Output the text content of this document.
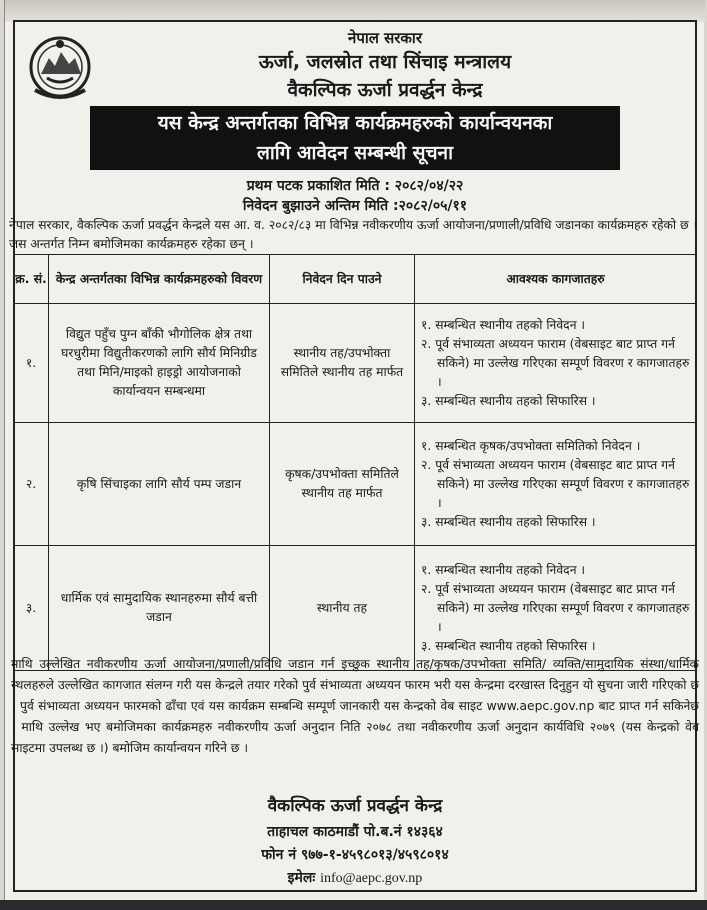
नेपाल सरकार
ऊर्जा, जलस्रोत तथा सिंचाइ मन्त्रालय
वैकल्पिक ऊर्जा प्रवर्द्धन केन्द्र
यस केन्द्र अन्तर्गतका विभिन्न कार्यक्रमहरुको कार्यान्वयनका
लागि आवेदन सम्बन्धी सूचना
प्रथम पटक प्रकाशित मिति : २०८२/०४/२२
निवेदन बुझाउने अन्तिम मिति :२०८२/०५/११
नेपाल सरकार, वैकल्पिक ऊर्जा प्रवर्द्धन केन्द्रले यस आ. व. २०८२/८३ मा विभिन्न नवीकरणीय ऊर्जा आयोजना/प्रणाली/प्रविधि जडानका कार्यक्रमहरु रहेको छ । जस अन्तर्गत निम्न बमोजिमका कार्यक्रमहरु रहेका छन् ।
क्र. सं.	केन्द्र अन्तर्गतका विभिन्न कार्यक्रमहरुको विवरण	निवेदन दिन पाउने	आवश्यक कागजातहरु
१.	विद्युत पहुँच पुग्न बाँकी भौगोलिक क्षेत्र तथा घरधुरीमा विद्युतीकरणको लागि सौर्य मिनिग्रीड तथा मिनि/माइको हाइड्रो आयोजनाको कार्यान्वयन सम्बन्धमा	स्थानीय तह/उपभोक्ता समितिले स्थानीय तह मार्फत	१. सम्बन्धित स्थानीय तहको निवेदन ।
२. पूर्व संभाव्यता अध्ययन फाराम (वेबसाइट बाट प्राप्त गर्न सकिने) मा उल्लेख गरिएका सम्पूर्ण विवरण र कागजातहरु ।
३. सम्बन्धित स्थानीय तहको सिफारिस ।

२.	कृषि सिंचाइका लागि सौर्य पम्प जडान	कृषक/उपभोक्ता समितिले स्थानीय तह मार्फत	१. सम्बन्धित कृषक/उपभोक्ता समितिको निवेदन ।
२. पूर्व संभाव्यता अध्ययन फाराम (वेबसाइट बाट प्राप्त गर्न सकिने) मा उल्लेख गरिएका सम्पूर्ण विवरण र कागजातहरु ।
३. सम्बन्धित स्थानीय तहको सिफारिस ।

३.	धार्मिक एवं सामुदायिक स्थानहरुमा सौर्य बत्ती जडान	स्थानीय तह	१. सम्बन्धित स्थानीय तहको निवेदन ।
२. पूर्व संभाव्यता अध्ययन फाराम (वेबसाइट बाट प्राप्त गर्न सकिने) मा उल्लेख गरिएका सम्पूर्ण विवरण र कागजातहरु ।
३. सम्बन्धित स्थानीय तहको सिफारिस ।
माथि उल्लेखित नवीकरणीय ऊर्जा आयोजना/प्रणाली/प्रविधि जडान गर्न इच्छुक स्थानीय तह/कृषक/उपभोक्ता समिति/ व्यक्ति/सामुदायिक संस्था/धार्मिक स्थलहरुले उल्लेखित कागजात संलग्न गरी यस केन्द्रले तयार गरेको पुर्व संभाव्यता अध्ययन फारम भरी यस केन्द्रमा दरखास्त दिनुहुन यो सुचना जारी गरिएको छ । पुर्व संभाव्यता अध्ययन फारमको ढाँचा एवं यस कार्यक्रम सम्बन्धि सम्पूर्ण जानकारी यस केन्द्रको वेब साइट www.aepc.gov.np बाट प्राप्त गर्न सकिनेछ । माथि उल्लेख भए बमोजिमका कार्यक्रमहरु नवीकरणीय ऊर्जा अनुदान निति २०७८ तथा नवीकरणीय ऊर्जा अनुदान कार्यविधि २०७९ (यस केन्द्रको वेब साइटमा उपलब्ध छ ।) बमोजिम कार्यान्वयन गरिने छ ।
वैकल्पिक ऊर्जा प्रवर्द्धन केन्द्र
ताहाचल काठमाडौं पो.ब.नं १४३६४
फोन नं ९७७-१-४५९८०१३/४५९८०१४
इमेलः info@aepc.gov.np
